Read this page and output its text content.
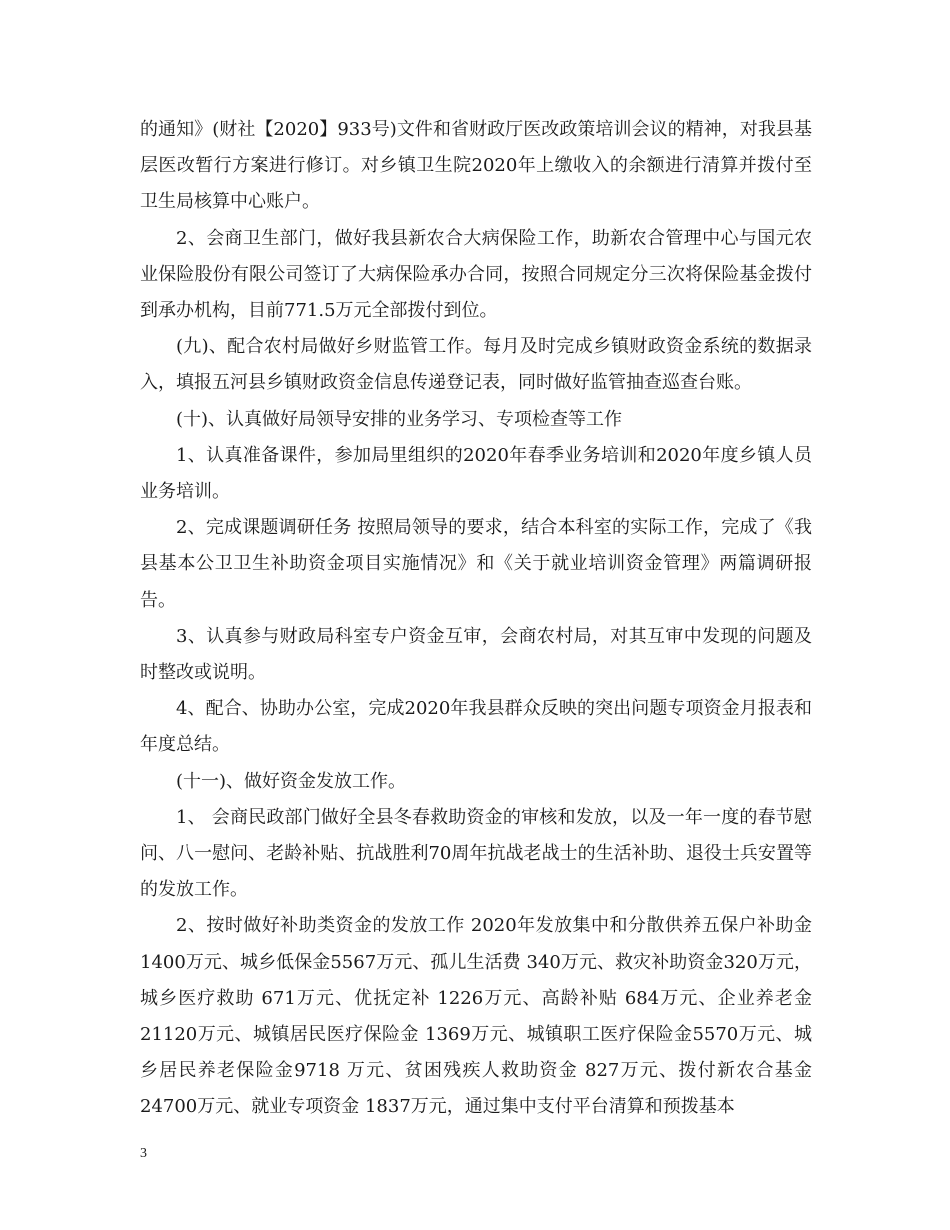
的通知》(财社【2020】933号)文件和省财政厅医改政策培训会议的精神，对我县基层医改暂行方案进行修订。对乡镇卫生院2020年上缴收入的余额进行清算并拨付至卫生局核算中心账户。

2、会商卫生部门，做好我县新农合大病保险工作，助新农合管理中心与国元农业保险股份有限公司签订了大病保险承办合同，按照合同规定分三次将保险基金拨付到承办机构，目前771.5万元全部拨付到位。

(九)、配合农村局做好乡财监管工作。每月及时完成乡镇财政资金系统的数据录入，填报五河县乡镇财政资金信息传递登记表，同时做好监管抽查巡查台账。

(十)、认真做好局领导安排的业务学习、专项检查等工作

1、认真准备课件，参加局里组织的2020年春季业务培训和2020年度乡镇人员业务培训。

2、完成课题调研任务 按照局领导的要求，结合本科室的实际工作，完成了《我县基本公卫卫生补助资金项目实施情况》和《关于就业培训资金管理》两篇调研报告。

3、认真参与财政局科室专户资金互审，会商农村局，对其互审中发现的问题及时整改或说明。

4、配合、协助办公室，完成2020年我县群众反映的突出问题专项资金月报表和年度总结。

(十一)、做好资金发放工作。

1、 会商民政部门做好全县冬春救助资金的审核和发放，以及一年一度的春节慰问、八一慰问、老龄补贴、抗战胜利70周年抗战老战士的生活补助、退役士兵安置等的发放工作。

2、按时做好补助类资金的发放工作 2020年发放集中和分散供养五保户补助金 1400万元、城乡低保金5567万元、孤儿生活费 340万元、救灾补助资金320万元，城乡医疗救助 671万元、优抚定补 1226万元、高龄补贴 684万元、企业养老金21120万元、城镇居民医疗保险金 1369万元、城镇职工医疗保险金5570万元、城乡居民养老保险金9718 万元、贫困残疾人救助资金 827万元、拨付新农合基金 24700万元、就业专项资金 1837万元，通过集中支付平台清算和预拨基本

3
